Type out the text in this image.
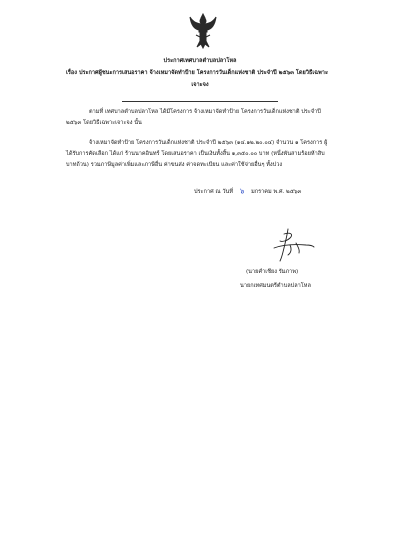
ประกาศเทศบาลตำบลปลาโหล
เรื่อง ประกาศผู้ชนะการเสนอราคา จ้างเหมาจัดทำป้าย โครงการวันเด็กแห่งชาติ ประจำปี ๒๕๖๓ โดยวิธีเฉพาะ
เจาะจง
ตามที่ เทศบาลตำบลปลาโหล ได้มีโครงการ จ้างเหมาจัดทำป้าย โครงการวันเด็กแห่งชาติ ประจำปี
๒๕๖๓ โดยวิธีเฉพาะเจาะจง นั้น
จ้างเหมาจัดทำป้าย โครงการวันเด็กแห่งชาติ ประจำปี ๒๕๖๓ (๑๔.๑๒.๒๐.๐๔) จำนวน ๑ โครงการ ผู้
ได้รับการคัดเลือก ได้แก่ ร้านนาคอินทร์ โดยเสนอราคา เป็นเงินทั้งสิ้น ๑,๓๕๐.๐๐ บาท (หนึ่งพันสามร้อยห้าสิบ
บาทถ้วน) รวมภาษีมูลค่าเพิ่มและภาษีอื่น ค่าขนส่ง ค่าจดทะเบียน และค่าใช้จ่ายอื่นๆ ทั้งปวง
ประกาศ ณ วันที่ ๖ มกราคม พ.ศ. ๒๕๖๓
(นายคำเชียง รัมภาพ)
นายกเทศมนตรีตำบลปลาโหล
